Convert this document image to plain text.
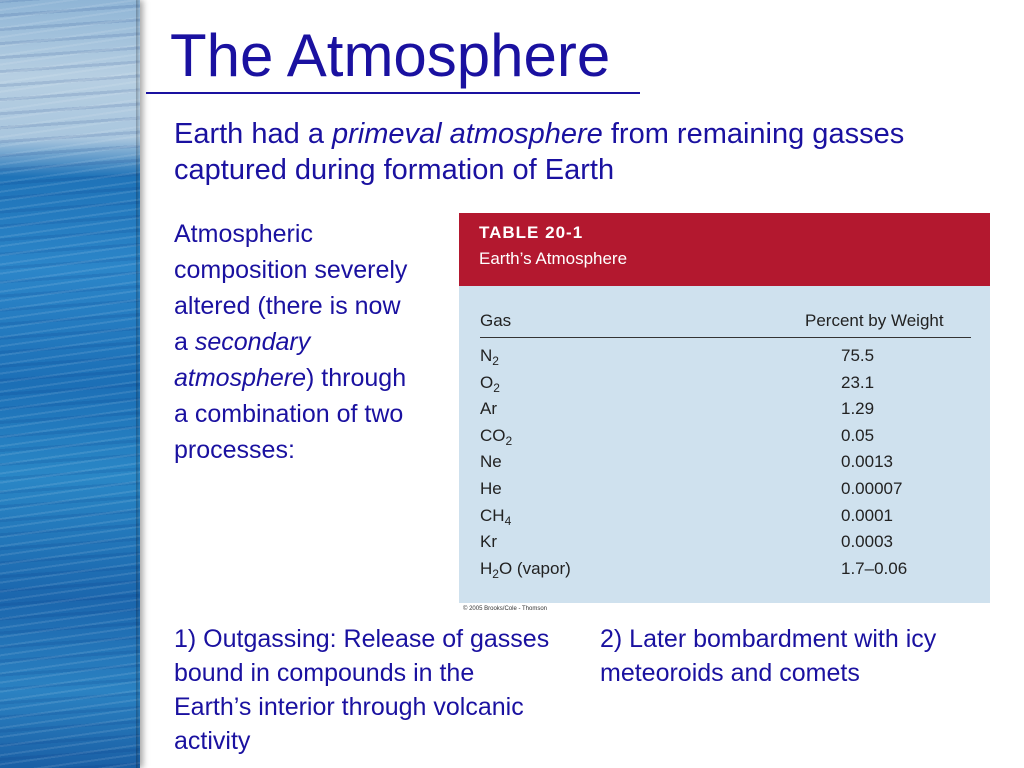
The Atmosphere
Earth had a primeval atmosphere from remaining gasses captured during formation of Earth
Atmospheric composition severely altered (there is now a secondary atmosphere) through a combination of two processes:
TABLE 20-1
Earth’s Atmosphere
Gas	Percent by Weight
$N_2$	75.5
$O_2$	23.1
Ar	1.29
$CO_2$	0.05
Ne	0.0013
He	0.00007
$CH_4$	0.0001
Kr	0.0003
$H_2O$ (vapor)	1.7–0.06
© 2005 Brooks/Cole - Thomson
1) Outgassing: Release of gasses bound in compounds in the Earth’s interior through volcanic activity
2) Later bombardment with icy meteoroids and comets
